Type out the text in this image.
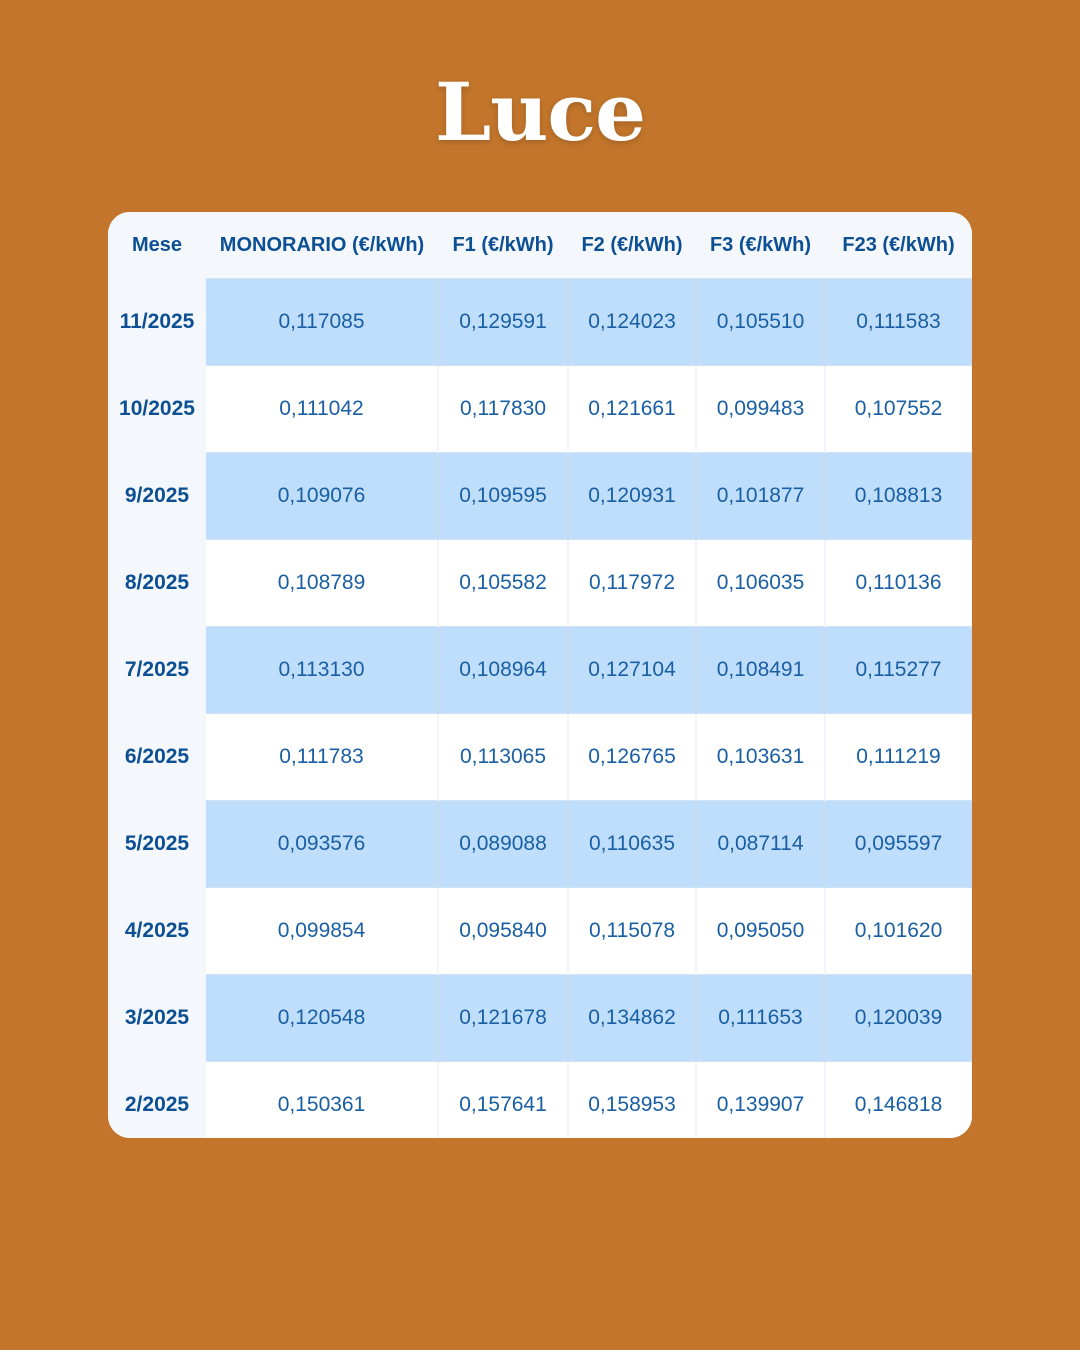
Luce
Mese	MONORARIO (€/kWh)	F1 (€/kWh)	F2 (€/kWh)	F3 (€/kWh)	F23 (€/kWh)
11/2025	0,117085	0,129591	0,124023	0,105510	0,111583
10/2025	0,111042	0,117830	0,121661	0,099483	0,107552
9/2025	0,109076	0,109595	0,120931	0,101877	0,108813
8/2025	0,108789	0,105582	0,117972	0,106035	0,110136
7/2025	0,113130	0,108964	0,127104	0,108491	0,115277
6/2025	0,111783	0,113065	0,126765	0,103631	0,111219
5/2025	0,093576	0,089088	0,110635	0,087114	0,095597
4/2025	0,099854	0,095840	0,115078	0,095050	0,101620
3/2025	0,120548	0,121678	0,134862	0,111653	0,120039
2/2025	0,150361	0,157641	0,158953	0,139907	0,146818
